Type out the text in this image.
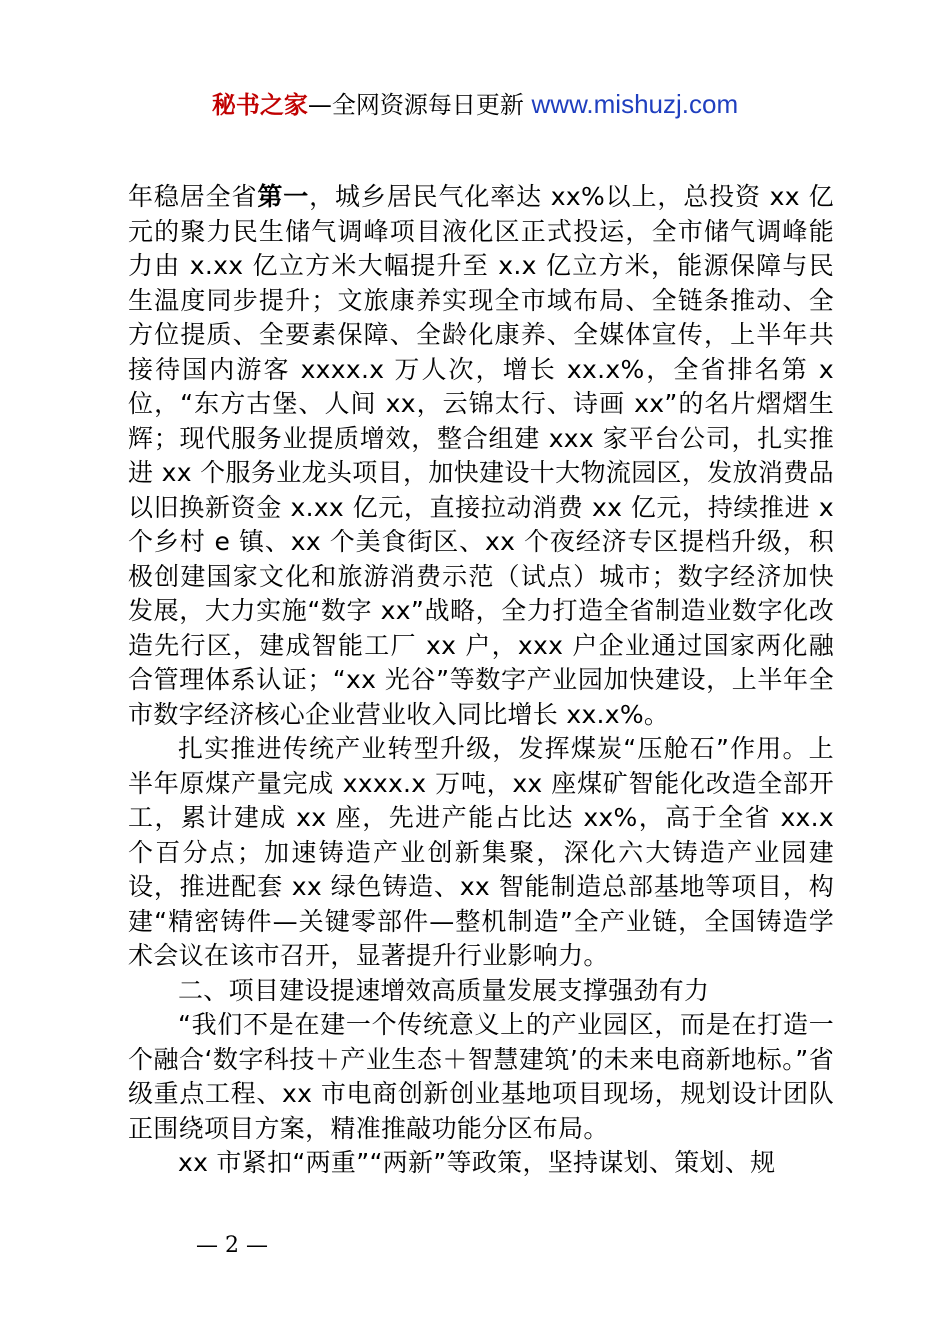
秘书之家—全网资源每日更新 www.mishuzj.com

年稳居全省第一，城乡居民气化率达 xx%以上，总投资 xx 亿元的聚力民生储气调峰项目液化区正式投运，全市储气调峰能力由 x.xx 亿立方米大幅提升至 x.x 亿立方米，能源保障与民生温度同步提升；文旅康养实现全市域布局、全链条推动、全方位提质、全要素保障、全龄化康养、全媒体宣传，上半年共接待国内游客 xxxx.x 万人次，增长 xx.x%，全省排名第 x 位，“东方古堡、人间 xx，云锦太行、诗画 xx”的名片熠熠生辉；现代服务业提质增效，整合组建 xxx 家平台公司，扎实推进 xx 个服务业龙头项目，加快建设十大物流园区，发放消费品以旧换新资金 x.xx 亿元，直接拉动消费 xx 亿元，持续推进 x 个乡村 e 镇、xx 个美食街区、xx 个夜经济专区提档升级，积极创建国家文化和旅游消费示范（试点）城市；数字经济加快发展，大力实施“数字 xx”战略，全力打造全省制造业数字化改造先行区，建成智能工厂 xx 户，xxx 户企业通过国家两化融合管理体系认证；“xx 光谷”等数字产业园加快建设，上半年全市数字经济核心企业营业收入同比增长 xx.x%。

扎实推进传统产业转型升级，发挥煤炭“压舱石”作用。上半年原煤产量完成 xxxx.x 万吨，xx 座煤矿智能化改造全部开工，累计建成 xx 座，先进产能占比达 xx%，高于全省 xx.x 个百分点；加速铸造产业创新集聚，深化六大铸造产业园建设，推进配套 xx 绿色铸造、xx 智能制造总部基地等项目，构建“精密铸件—关键零部件—整机制造”全产业链，全国铸造学术会议在该市召开，显著提升行业影响力。

二、项目建设提速增效高质量发展支撑强劲有力

“我们不是在建一个传统意义上的产业园区，而是在打造一个融合‘数字科技＋产业生态＋智慧建筑’的未来电商新地标。”省级重点工程、xx 市电商创新创业基地项目现场，规划设计团队正围绕项目方案，精准推敲功能分区布局。

xx 市紧扣“两重”“两新”等政策，坚持谋划、策划、规

— 2 —
